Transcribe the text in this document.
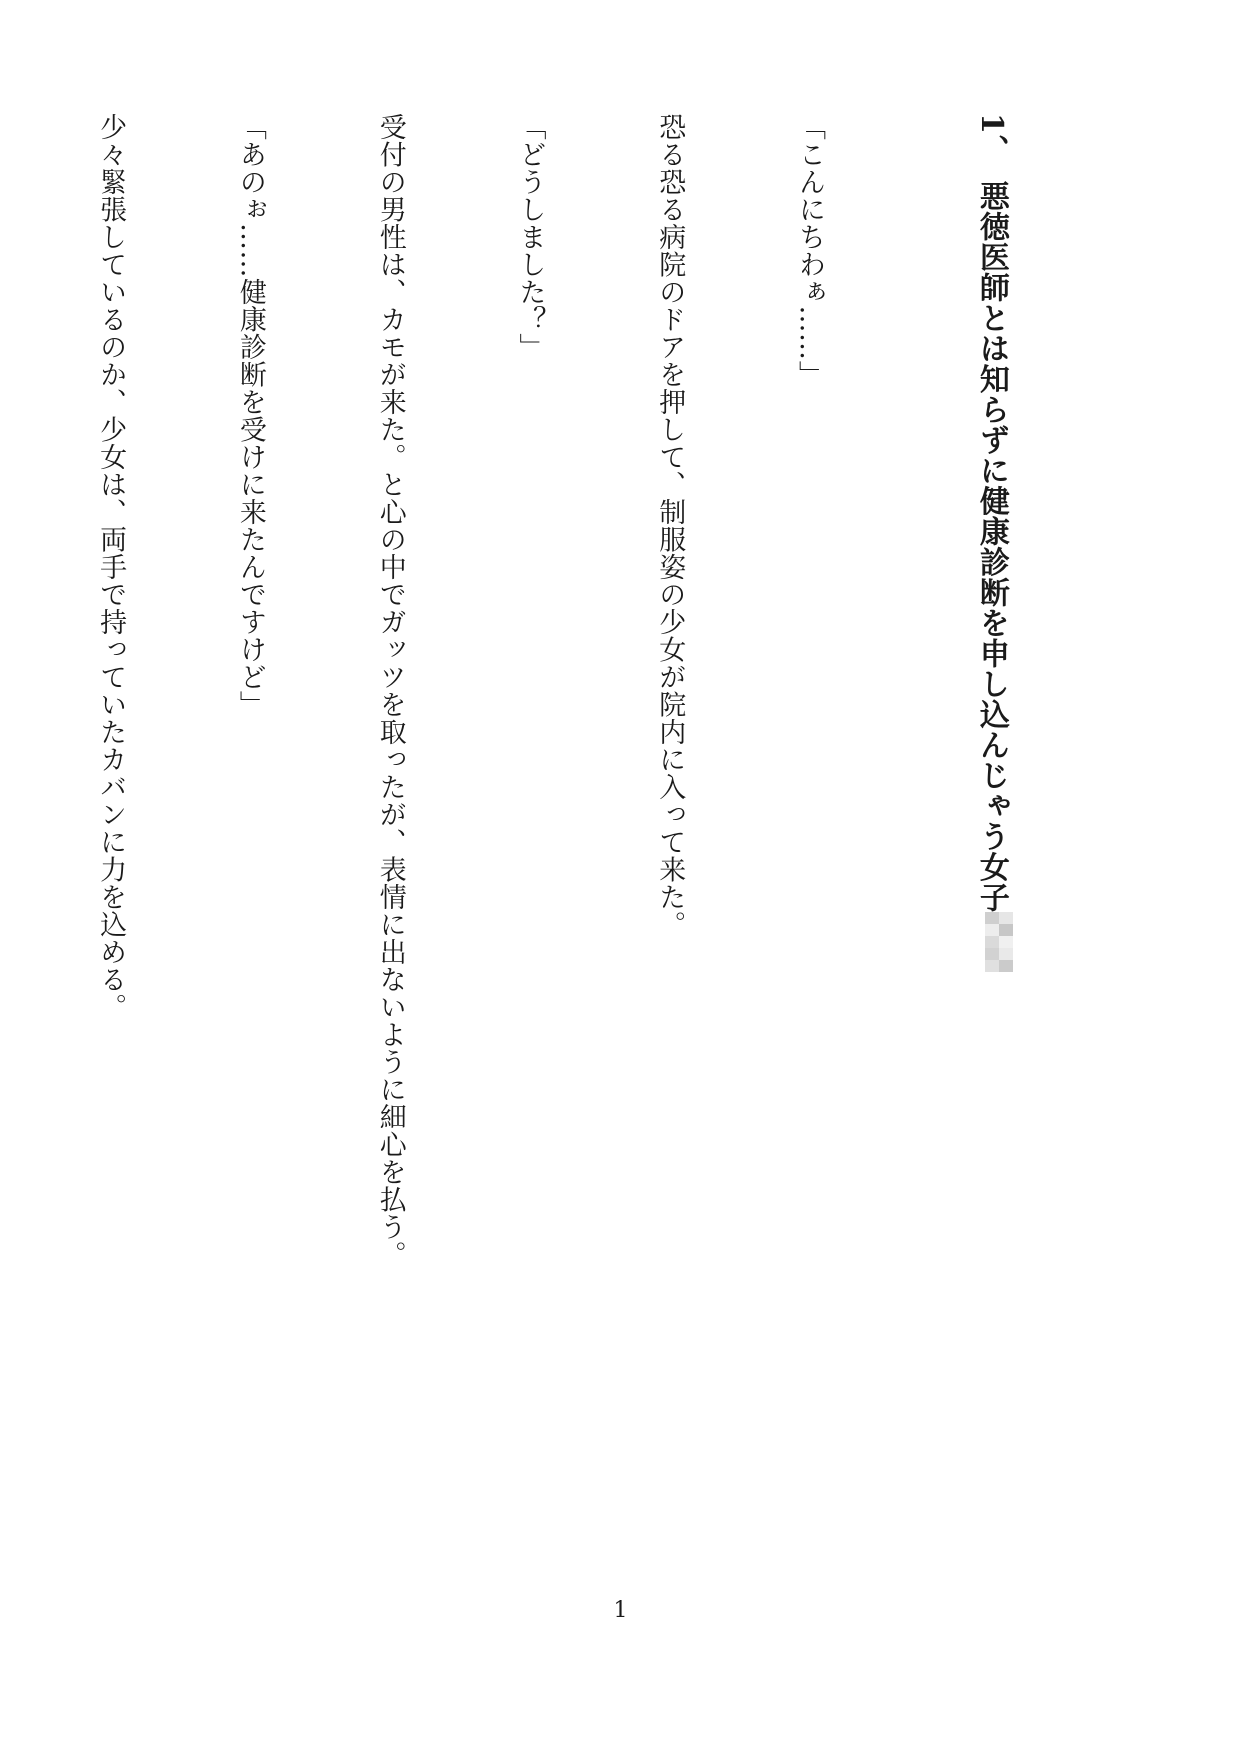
1、　悪徳医師とは知らずに健康診断を申し込んじゃう女子

「こんにちわぁ……」

恐る恐る病院のドアを押して、制服姿の少女が院内に入って来た。

「どうしました？」

受付の男性は、カモが来た。と心の中でガッツを取ったが、表情に出ないように細心を払う。

「あのぉ……健康診断を受けに来たんですけど」

少々緊張しているのか、少女は、両手で持っていたカバンに力を込める。

1
